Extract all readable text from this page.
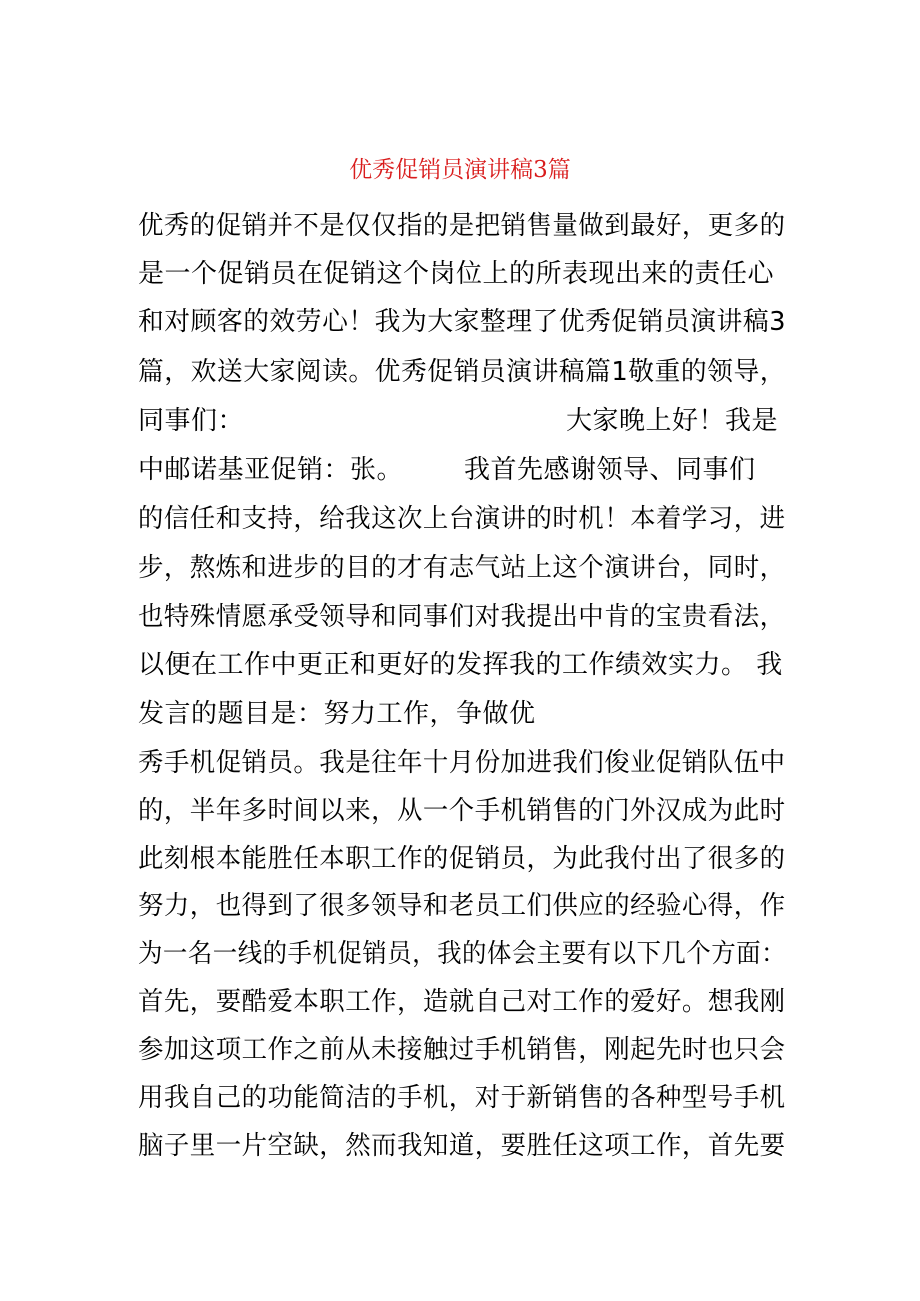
优秀促销员演讲稿3篇
优秀的促销并不是仅仅指的是把销售量做到最好，更多的
是一个促销员在促销这个岗位上的所表现出来的责任心
和对顾客的效劳心！我为大家整理了优秀促销员演讲稿3
篇，欢送大家阅读。优秀促销员演讲稿篇1敬重的领导，
同事们：	大家晚上好！我是
中邮诺基亚促销：张。 我首先感谢领导、同事们
的信任和支持，给我这次上台演讲的时机！本着学习，进
步，熬炼和进步的目的才有志气站上这个演讲台，同时，
也特殊情愿承受领导和同事们对我提出中肯的宝贵看法，
以便在工作中更正和更好的发挥我的工作绩效实力。 我
发言的题目是：努力工作，争做优
秀手机促销员。我是往年十月份加进我们俊业促销队伍中
的，半年多时间以来，从一个手机销售的门外汉成为此时
此刻根本能胜任本职工作的促销员，为此我付出了很多的
努力，也得到了很多领导和老员工们供应的经验心得，作
为一名一线的手机促销员，我的体会主要有以下几个方面：
首先，要酷爱本职工作，造就自己对工作的爱好。想我刚
参加这项工作之前从未接触过手机销售，刚起先时也只会
用我自己的功能简洁的手机，对于新销售的各种型号手机
脑子里一片空缺，然而我知道，要胜任这项工作，首先要
